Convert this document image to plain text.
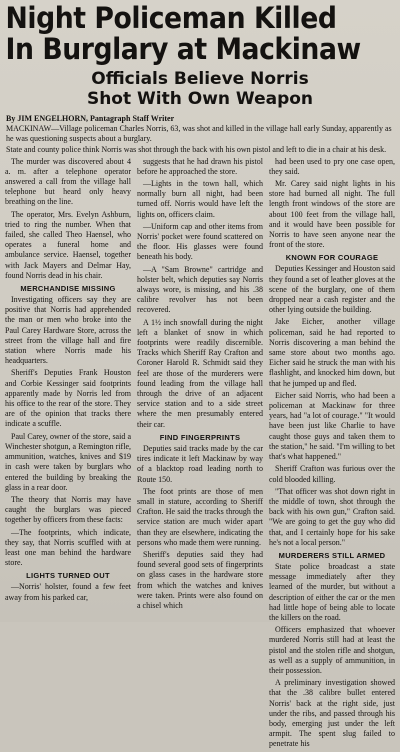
Night Policeman Killed
In Burglary at Mackinaw
Officials Believe Norris
Shot With Own Weapon
By JIM ENGELHORN, Pantagraph Staff Writer

MACKINAW—Village policeman Charles Norris, 63, was shot and killed in the village hall early Sunday, apparently as he was questioning suspects about a burglary.

State and county police think Norris was shot through the back with his own pistol and left to die in a chair at his desk.

The murder was discovered about 4 a. m. after a telephone operator answered a call from the village hall telephone but heard only heavy breathing on the line.

The operator, Mrs. Evelyn Ashburn, tried to ring the number. When that failed, she called Theo Haensel, who operates a funeral home and ambulance service. Haensel, together with Jack Mayers and Delmar Hay, found Norris dead in his chair.

MERCHANDISE MISSING

Investigating officers say they are positive that Norris had apprehended the man or men who broke into the Paul Carey Hardware Store, across the street from the village hall and fire station where Norris made his headquarters.

Sheriff's Deputies Frank Houston and Corbie Kessinger said footprints apparently made by Norris led from his office to the rear of the store. They are of the opinion that tracks there indicate a scuffle.

Paul Carey, owner of the store, said a Winchester shotgun, a Remington rifle, ammunition, watches, knives and $19 in cash were taken by burglars who entered the building by breaking the glass in a rear door.

The theory that Norris may have caught the burglars was pieced together by officers from these facts:

—The footprints, which indicate, they say, that Norris scuffled with at least one man behind the hardware store.

LIGHTS TURNED OUT

—Norris' holster, found a few feet away from his parked car,

suggests that he had drawn his pistol before he approached the store.

—Lights in the town hall, which normally burn all night, had been turned off. Norris would have left the lights on, officers claim.

—Uniform cap and other items from Norris' pocket were found scattered on the floor. His glasses were found beneath his body.

—A "Sam Browne" cartridge and holster belt, which deputies say Norris always wore, is missing, and his .38 calibre revolver has not been recovered.

A 1½ inch snowfall during the night left a blanket of snow in which footprints were readily discernible. Tracks which Sheriff Ray Crafton and Coroner Harold R. Schmidt said they feel are those of the murderers were found leading from the village hall through the drive of an adjacent service station and to a side street where the men presumably entered their car.

FIND FINGERPRINTS

Deputies said tracks made by the car tires indicate it left Mackinaw by way of a blacktop road leading north to Route 150.

The foot prints are those of men small in stature, according to Sheriff Crafton. He said the tracks through the service station are much wider apart than they are elsewhere, indicating the persons who made them were running.

Sheriff's deputies said they had found several good sets of fingerprints on glass cases in the hardware store from which the watches and knives were taken. Prints were also found on a chisel which

had been used to pry one case open, they said.

Mr. Carey said night lights in his store had burned all night. The full length front windows of the store are about 100 feet from the village hall, and it would have been possible for Norris to have seen anyone near the front of the store.

KNOWN FOR COURAGE

Deputies Kessinger and Houston said they found a set of leather gloves at the scene of the burglary, one of them dropped near a cash register and the other lying outside the building.

Jake Eicher, another village policeman, said he had reported to Norris discovering a man behind the same store about two months ago. Eicher said he struck the man with his flashlight, and knocked him down, but that he jumped up and fled.

Eicher said Norris, who had been a policeman at Mackinaw for three years, had "a lot of courage." "It would have been just like Charlie to have caught those guys and taken them to the station," he said. "I'm willing to bet that's what happened."

Sheriff Crafton was furious over the cold blooded killing.

"That officer was shot down right in the middle of town, shot through the back with his own gun," Crafton said. "We are going to get the guy who did that, and I certainly hope for his sake he's not a local person."

MURDERERS STILL ARMED

State police broadcast a state message immediately after they learned of the murder, but without a description of either the car or the men had little hope of being able to locate the killers on the road.

Officers emphasized that whoever murdered Norris still had at least the pistol and the stolen rifle and shotgun, as well as a supply of ammunition, in their possession.

A preliminary investigation showed that the .38 calibre bullet entered Norris' back at the right side, just under the ribs, and passed through his body, emerging just under the left armpit. The spent slug failed to penetrate his
